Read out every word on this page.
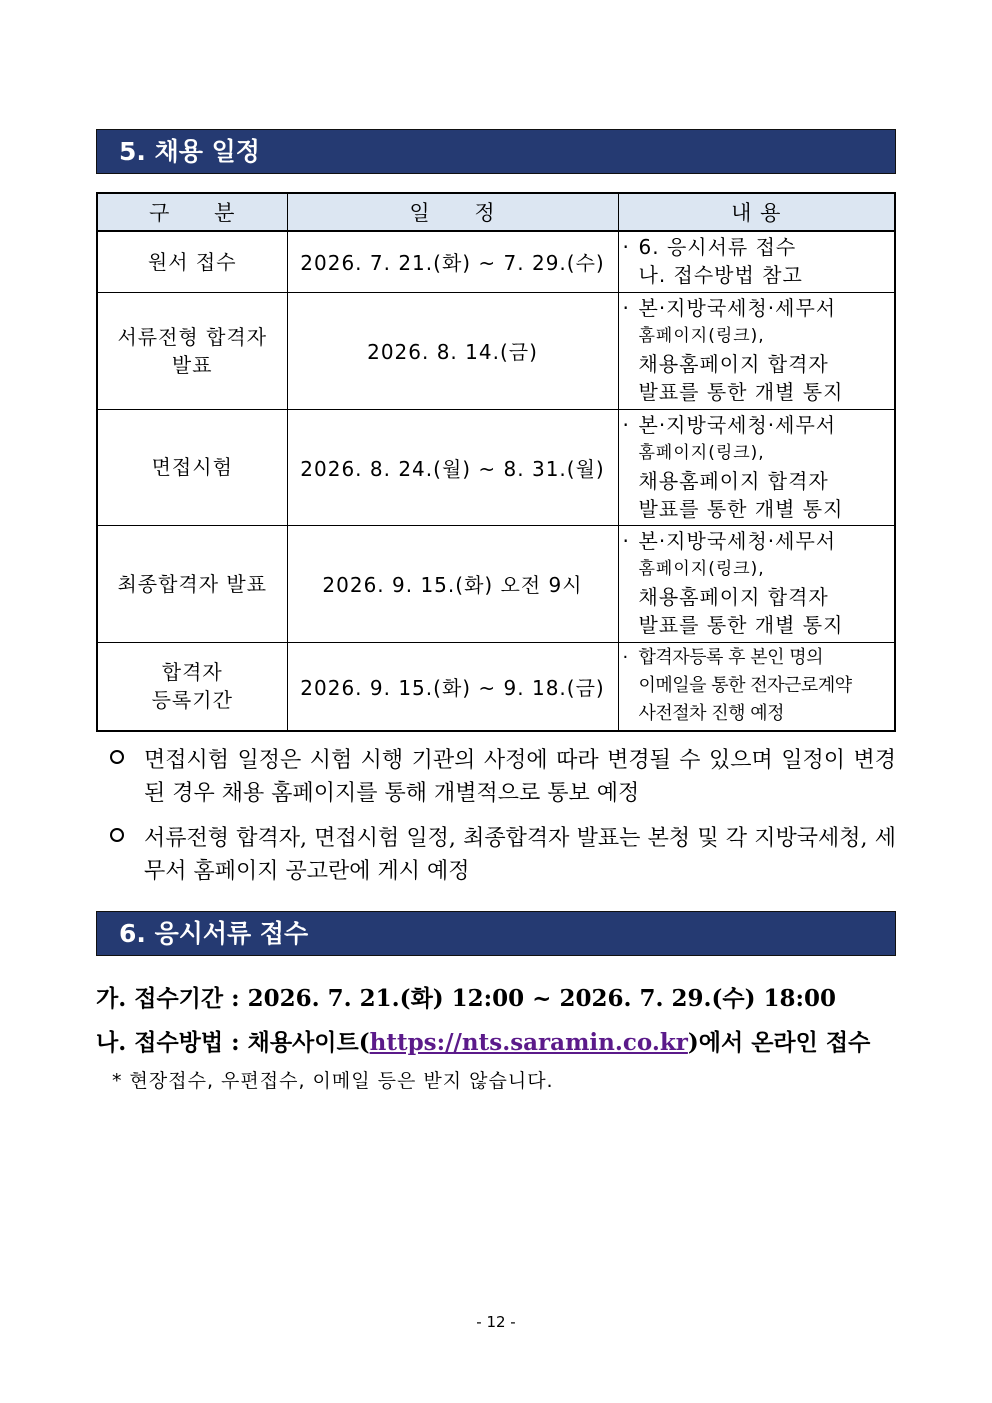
5. 채용 일정
구 분	일 정	내 용
원서 접수	2026. 7. 21.(화) ~ 7. 29.(수)	· 6. 응시서류 접수
나. 접수방법 참고

서류전형 합격자
발표	2026. 8. 14.(금)	· 본·지방국세청·세무서
홈페이지(링크),
채용홈페이지 합격자
발표를 통한 개별 통지

면접시험	2026. 8. 24.(월) ~ 8. 31.(월)	· 본·지방국세청·세무서
홈페이지(링크),
채용홈페이지 합격자
발표를 통한 개별 통지

최종합격자 발표	2026. 9. 15.(화) 오전 9시	· 본·지방국세청·세무서
홈페이지(링크),
채용홈페이지 합격자
발표를 통한 개별 통지

합격자
등록기간	2026. 9. 15.(화) ~ 9. 18.(금)	· 합격자등록 후 본인 명의
이메일을 통한 전자근로계약
사전절차 진행 예정
면접시험 일정은 시험 시행 기관의 사정에 따라 변경될 수 있으며 일정이 변경된 경우 채용 홈페이지를 통해 개별적으로 통보 예정
서류전형 합격자, 면접시험 일정, 최종합격자 발표는 본청 및 각 지방국세청, 세무서 홈페이지 공고란에 게시 예정
6. 응시서류 접수
가. 접수기간 : 2026. 7. 21.(화) 12:00 ~ 2026. 7. 29.(수) 18:00
나. 접수방법 : 채용사이트(https://nts.saramin.co.kr)에서 온라인 접수
* 현장접수, 우편접수, 이메일 등은 받지 않습니다.
- 12 -
